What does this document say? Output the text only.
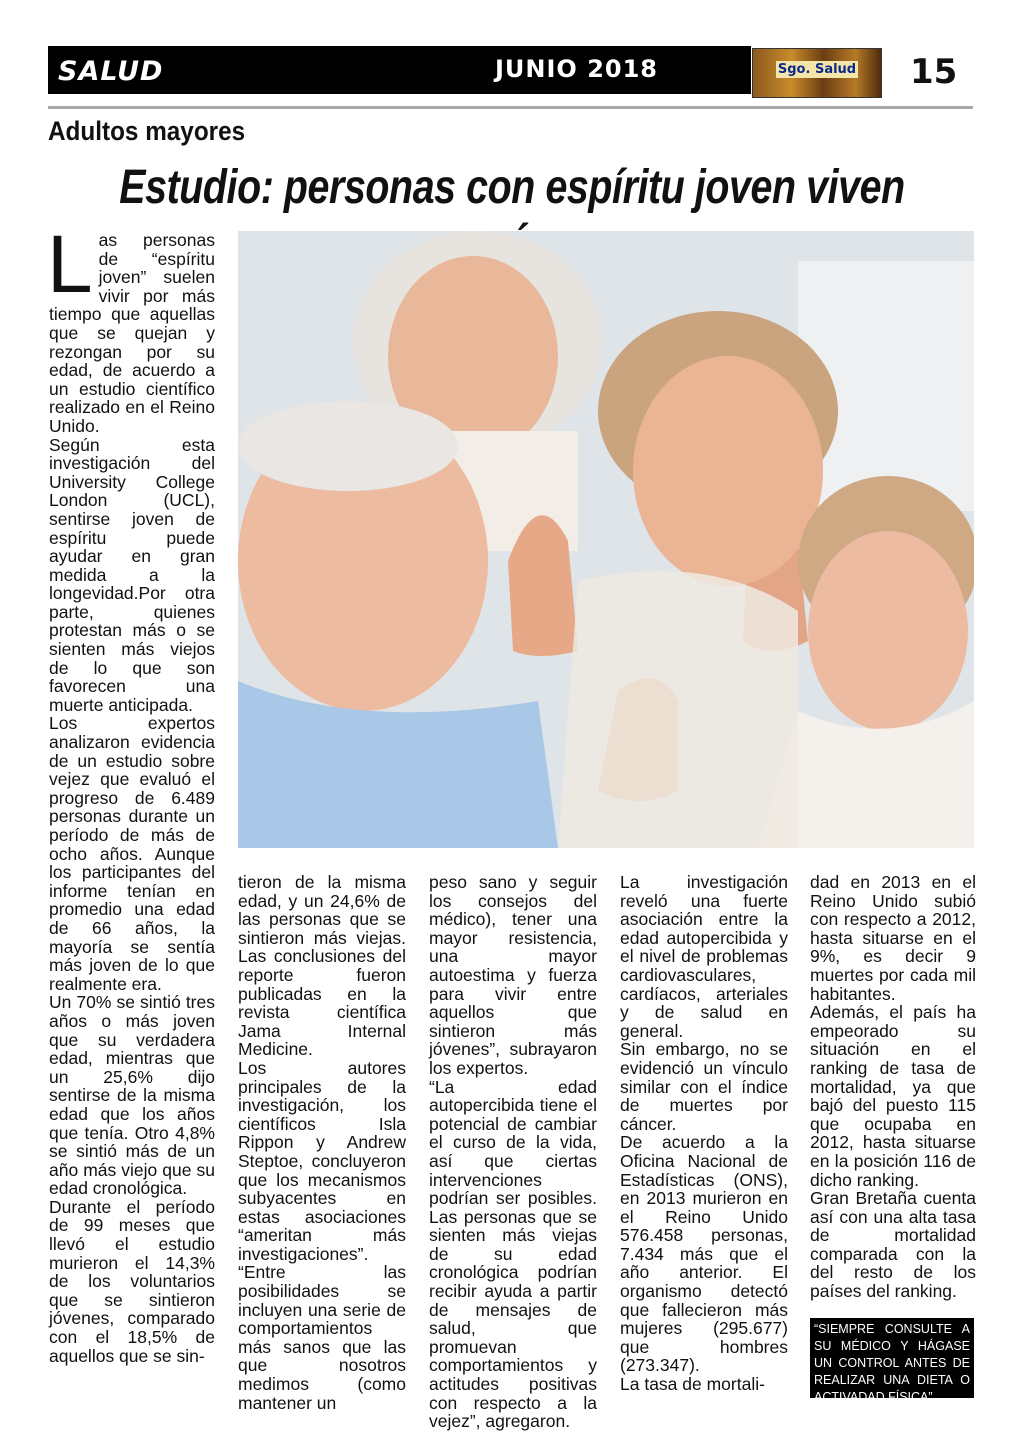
SALUD	JUNIO 2018	Sgo. Salud	15
Adultos mayores
Estudio: personas con espíritu joven viven

Las personas de “espíritu joven” suelen vivir por más tiempo que aquellas que se quejan y rezongan por su edad, de acuerdo a un estudio científico realizado en el Reino Unido.

Según esta investigación del University College London (UCL), sentirse joven de espíritu puede ayudar en gran medida a la longevidad.Por otra parte, quienes protestan más o se sienten más viejos de lo que son favorecen una muerte anticipada.

Los expertos analizaron evidencia de un estudio sobre vejez que evaluó el progreso de 6.489 personas durante un período de más de ocho años. Aunque los participantes del informe tenían en promedio una edad de 66 años, la mayoría se sentía más joven de lo que realmente era.

Un 70% se sintió tres años o más joven que su verdadera edad, mientras que un 25,6% dijo sentirse de la misma edad que los años que tenía. Otro 4,8% se sintió más de un año más viejo que su edad cronológica.

Durante el período de 99 meses que llevó el estudio murieron el 14,3% de los voluntarios que se sintieron jóvenes, comparado con el 18,5% de aquellos que se sin-

tieron de la misma edad, y un 24,6% de las personas que se sintieron más viejas. Las conclusiones del reporte fueron publicadas en la revista científica Jama Internal Medicine.

Los autores principales de la investigación, los científicos Isla Rippon y Andrew Steptoe, concluyeron que los mecanismos subyacentes en estas asociaciones “ameritan más investigaciones”.

“Entre las posibilidades se incluyen una serie de comportamientos más sanos que las que nosotros medimos (como mantener un

peso sano y seguir los consejos del médico), tener una mayor resistencia, una mayor autoestima y fuerza para vivir entre aquellos que sintieron más jóvenes”, subrayaron los expertos.

“La edad autopercibida tiene el potencial de cambiar el curso de la vida, así que ciertas intervenciones podrían ser posibles. Las personas que se sienten más viejas de su edad cronológica podrían recibir ayuda a partir de mensajes de salud, que promuevan comportamientos y actitudes positivas con respecto a la vejez”, agregaron.

La investigación reveló una fuerte asociación entre la edad autopercibida y el nivel de problemas cardiovasculares, cardíacos, arteriales y de salud en general.

Sin embargo, no se evidenció un vínculo similar con el índice de muertes por cáncer.

De acuerdo a la Oficina Nacional de Estadísticas (ONS), en 2013 murieron en el Reino Unido 576.458 personas, 7.434 más que el año anterior. El organismo detectó que fallecieron más mujeres (295.677) que hombres (273.347).

La tasa de mortali-

dad en 2013 en el Reino Unido subió con respecto a 2012, hasta situarse en el 9%, es decir 9 muertes por cada mil habitantes.

Además, el país ha empeorado su situación en el ranking de tasa de mortalidad, ya que bajó del puesto 115 que ocupaba en 2012, hasta situarse en la posición 116 de dicho ranking.

Gran Bretaña cuenta así con una alta tasa de mortalidad comparada con la del resto de los países del ranking.

“SIEMPRE CONSULTE A SU MÉDICO Y HÁGASE UN CONTROL ANTES DE REALIZAR UNA DIETA O ACTIVADAD FÍSICA”
